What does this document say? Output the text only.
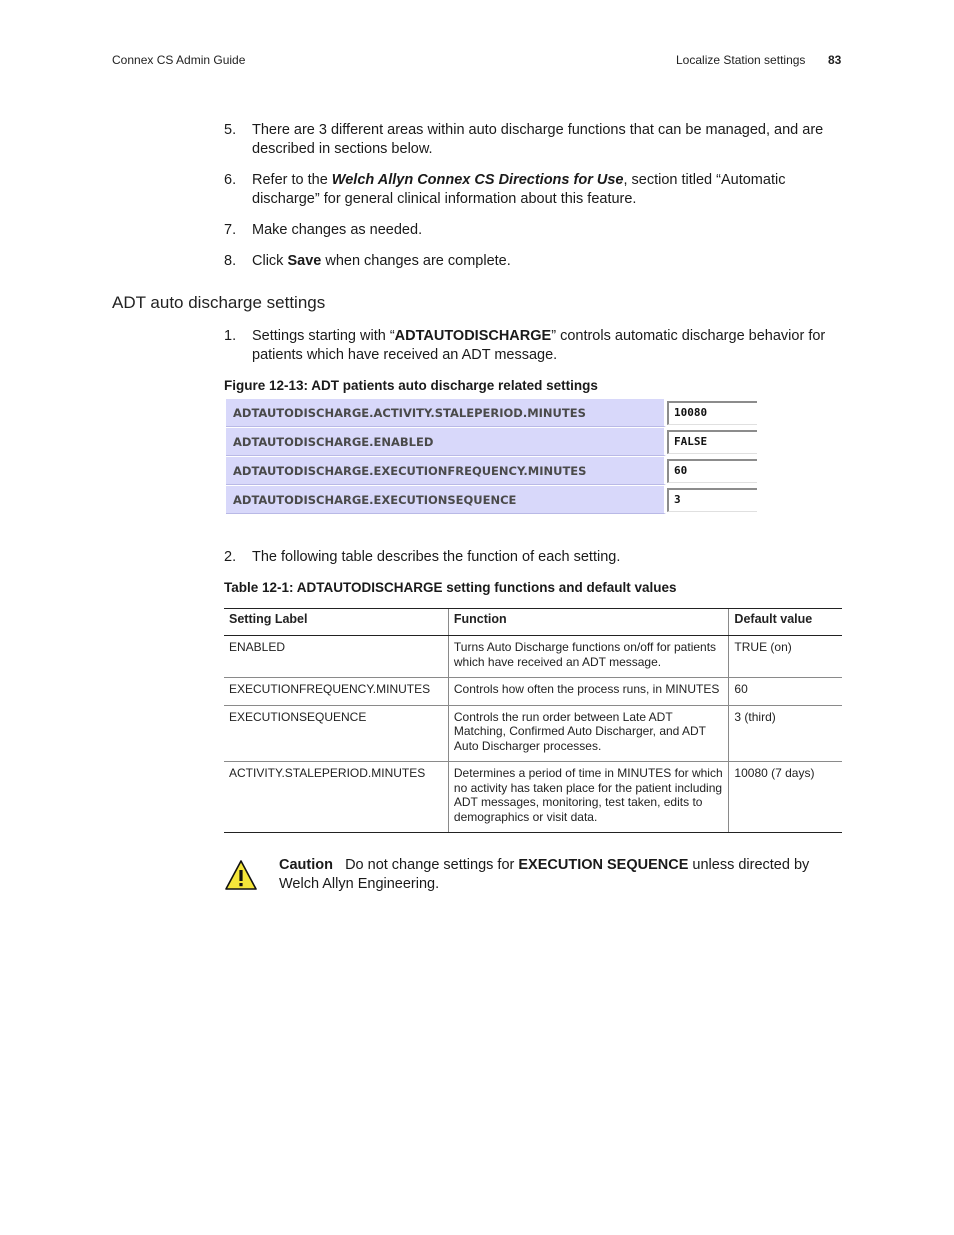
Connex CS Admin Guide	Localize Station settings 83
5. There are 3 different areas within auto discharge functions that can be managed, and are described in sections below.
6. Refer to the Welch Allyn Connex CS Directions for Use, section titled “Automatic discharge” for general clinical information about this feature.
7. Make changes as needed.
8. Click Save when changes are complete.
ADT auto discharge settings
1. Settings starting with “ADTAUTODISCHARGE” controls automatic discharge behavior for patients which have received an ADT message.
Figure 12-13: ADT patients auto discharge related settings
ADTAUTODISCHARGE.ACTIVITY.STALEPERIOD.MINUTES	10080
ADTAUTODISCHARGE.ENABLED	FALSE
ADTAUTODISCHARGE.EXECUTIONFREQUENCY.MINUTES	60
ADTAUTODISCHARGE.EXECUTIONSEQUENCE	3
2. The following table describes the function of each setting.
Table 12-1: ADTAUTODISCHARGE setting functions and default values
Setting Label	Function	Default value
ENABLED	Turns Auto Discharge functions on/off for patients which have received an ADT message.	TRUE (on)
EXECUTIONFREQUENCY.MINUTES	Controls how often the process runs, in MINUTES	60
EXECUTIONSEQUENCE	Controls the run order between Late ADT Matching, Confirmed Auto Discharger, and ADT Auto Discharger processes.	3 (third)
ACTIVITY.STALEPERIOD.MINUTES	Determines a period of time in MINUTES for which no activity has taken place for the patient including ADT messages, monitoring, test taken, edits to demographics or visit data.	10080 (7 days)
Caution Do not change settings for EXECUTION SEQUENCE unless directed by Welch Allyn Engineering.
